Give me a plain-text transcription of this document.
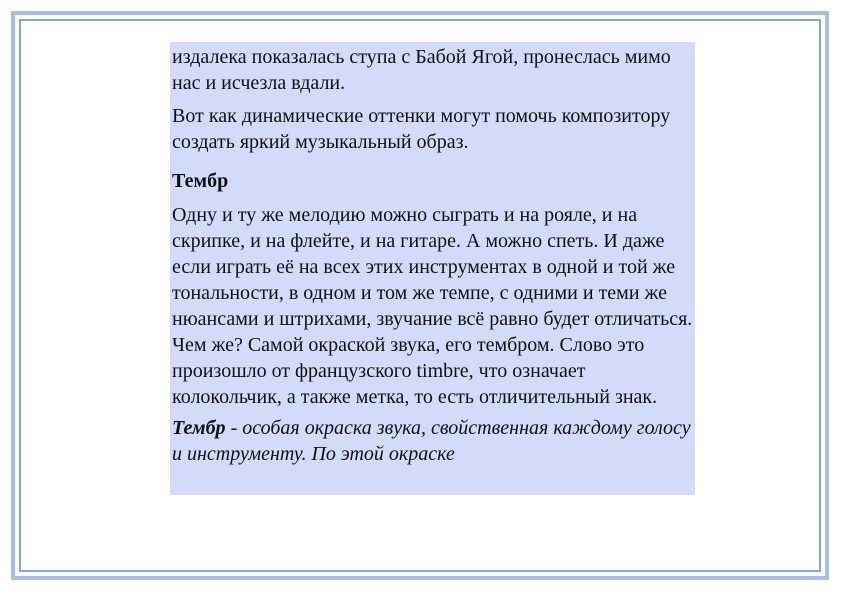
издалека показалась ступа с Бабой Ягой, пронеслась мимо нас и исчезла вдали.

Вот как динамические оттенки могут помочь композитору создать яркий музыкальный образ.

Тембр

Одну и ту же мелодию можно сыграть и на рояле, и на скрипке, и на флейте, и на гитаре. А можно спеть. И даже если играть её на всех этих инструментах в одной и той же тональности, в одном и том же темпе, с одними и теми же нюансами и штрихами, звучание всё равно будет отличаться. Чем же? Самой окраской звука, его тембром. Слово это произошло от французского timbre, что означает колокольчик, а также метка, то есть отличительный знак.

Тембр - особая окраска звука, свойственная каждому голосу и инструменту. По этой окраске
